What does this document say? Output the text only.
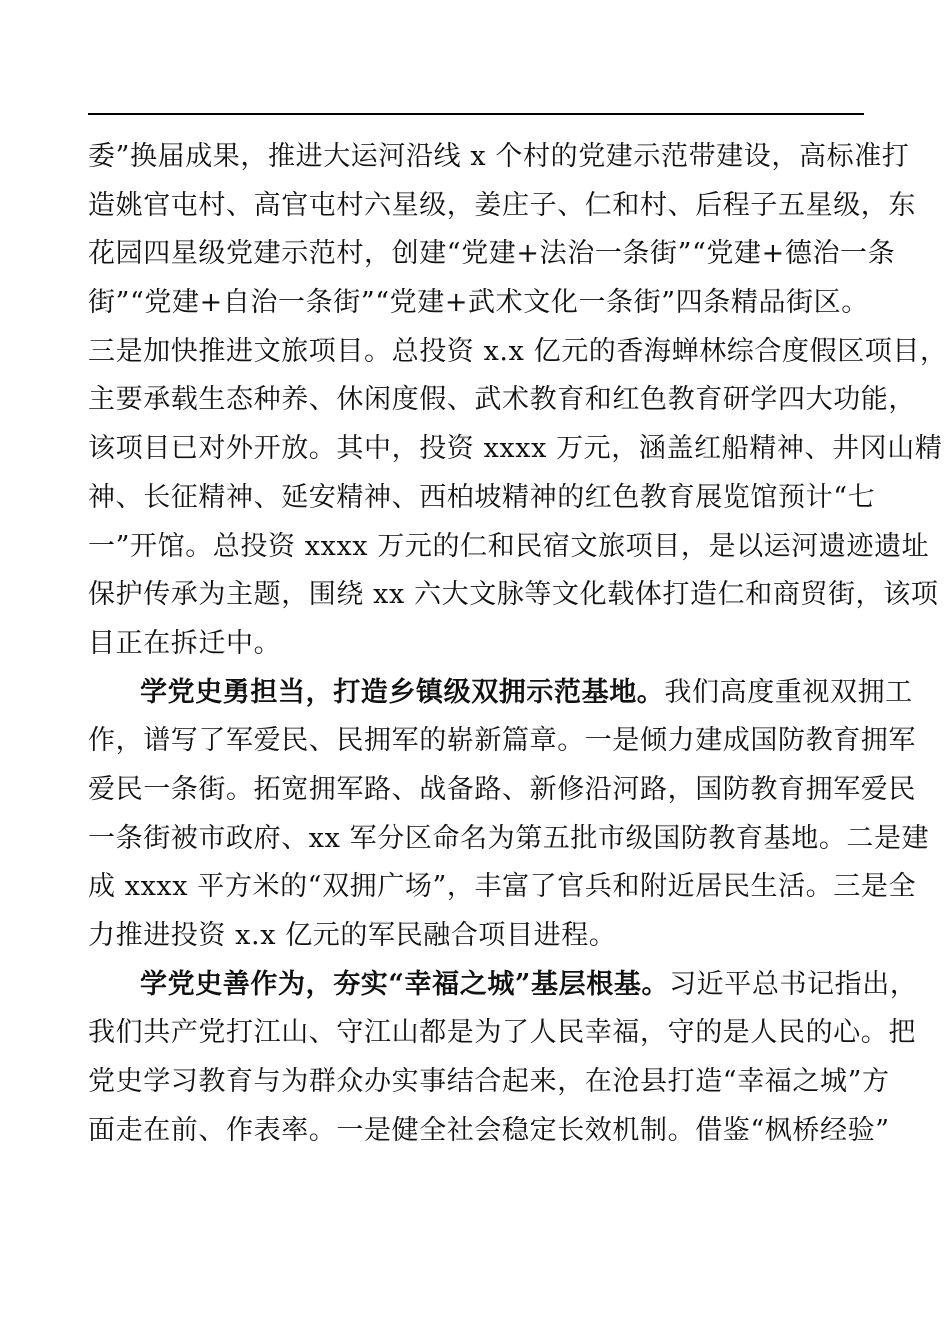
委”换届成果，推进大运河沿线 x 个村的党建示范带建设，高标准打
造姚官屯村、高官屯村六星级，姜庄子、仁和村、后程子五星级，东
花园四星级党建示范村，创建“党建+法治一条街”“党建+德治一条
街”“党建+自治一条街”“党建+武术文化一条街”四条精品街区。
三是加快推进文旅项目。总投资 x.x 亿元的香海蝉林综合度假区项目，
主要承载生态种养、休闲度假、武术教育和红色教育研学四大功能，
该项目已对外开放。其中，投资 xxxx 万元，涵盖红船精神、井冈山精
神、长征精神、延安精神、西柏坡精神的红色教育展览馆预计“七
一”开馆。总投资 xxxx 万元的仁和民宿文旅项目，是以运河遗迹遗址
保护传承为主题，围绕 xx 六大文脉等文化载体打造仁和商贸街，该项
目正在拆迁中。
学党史勇担当，打造乡镇级双拥示范基地。我们高度重视双拥工
作，谱写了军爱民、民拥军的崭新篇章。一是倾力建成国防教育拥军
爱民一条街。拓宽拥军路、战备路、新修沿河路，国防教育拥军爱民
一条街被市政府、xx 军分区命名为第五批市级国防教育基地。二是建
成 xxxx 平方米的“双拥广场”，丰富了官兵和附近居民生活。三是全
力推进投资 x.x 亿元的军民融合项目进程。
学党史善作为，夯实“幸福之城”基层根基。习近平总书记指出，
我们共产党打江山、守江山都是为了人民幸福，守的是人民的心。把
党史学习教育与为群众办实事结合起来，在沧县打造“幸福之城”方
面走在前、作表率。一是健全社会稳定长效机制。借鉴“枫桥经验”
